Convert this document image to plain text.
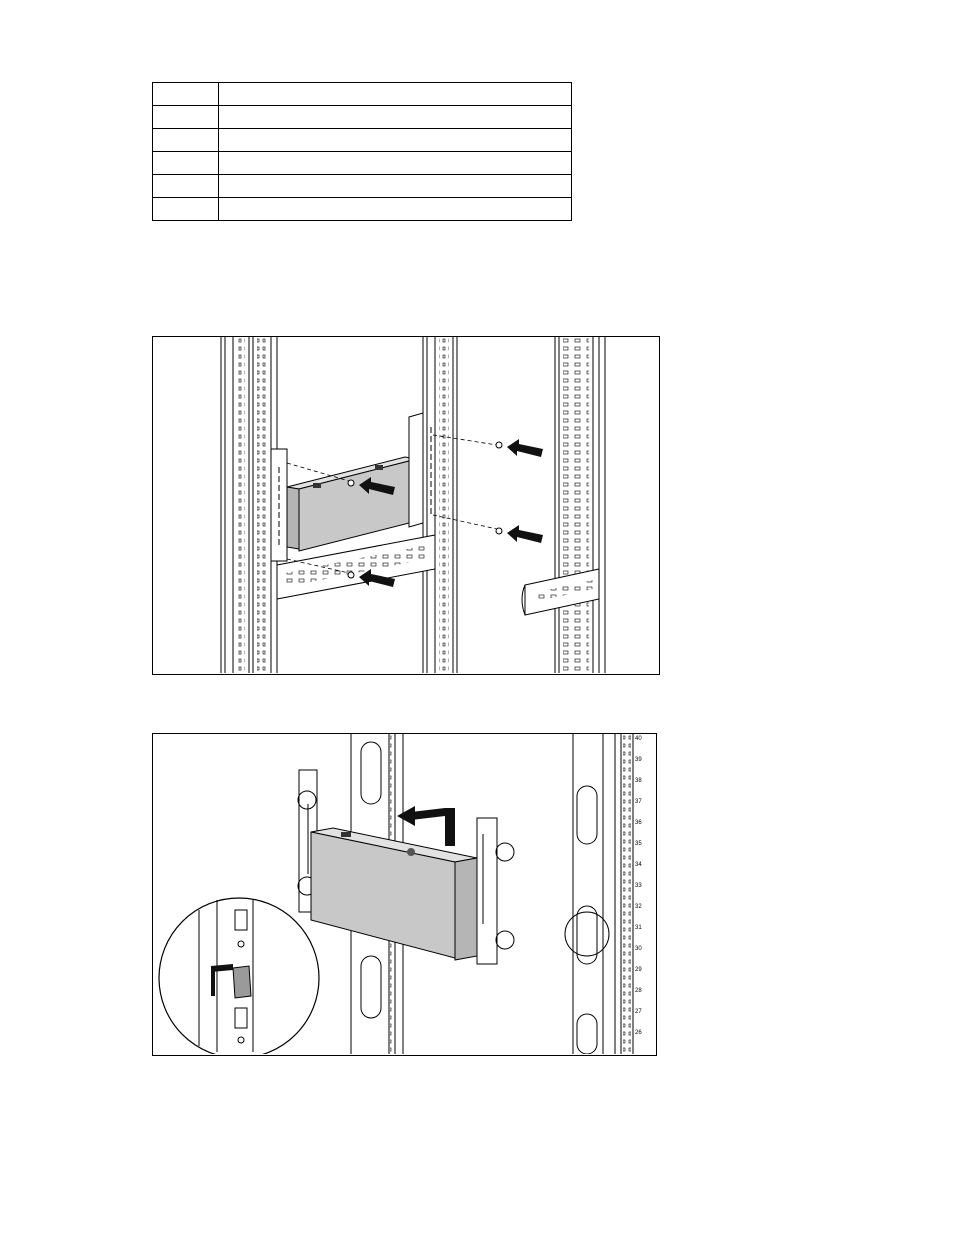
40
39
38
37
36
35
34
33
32
31
30
29
28
27
26
